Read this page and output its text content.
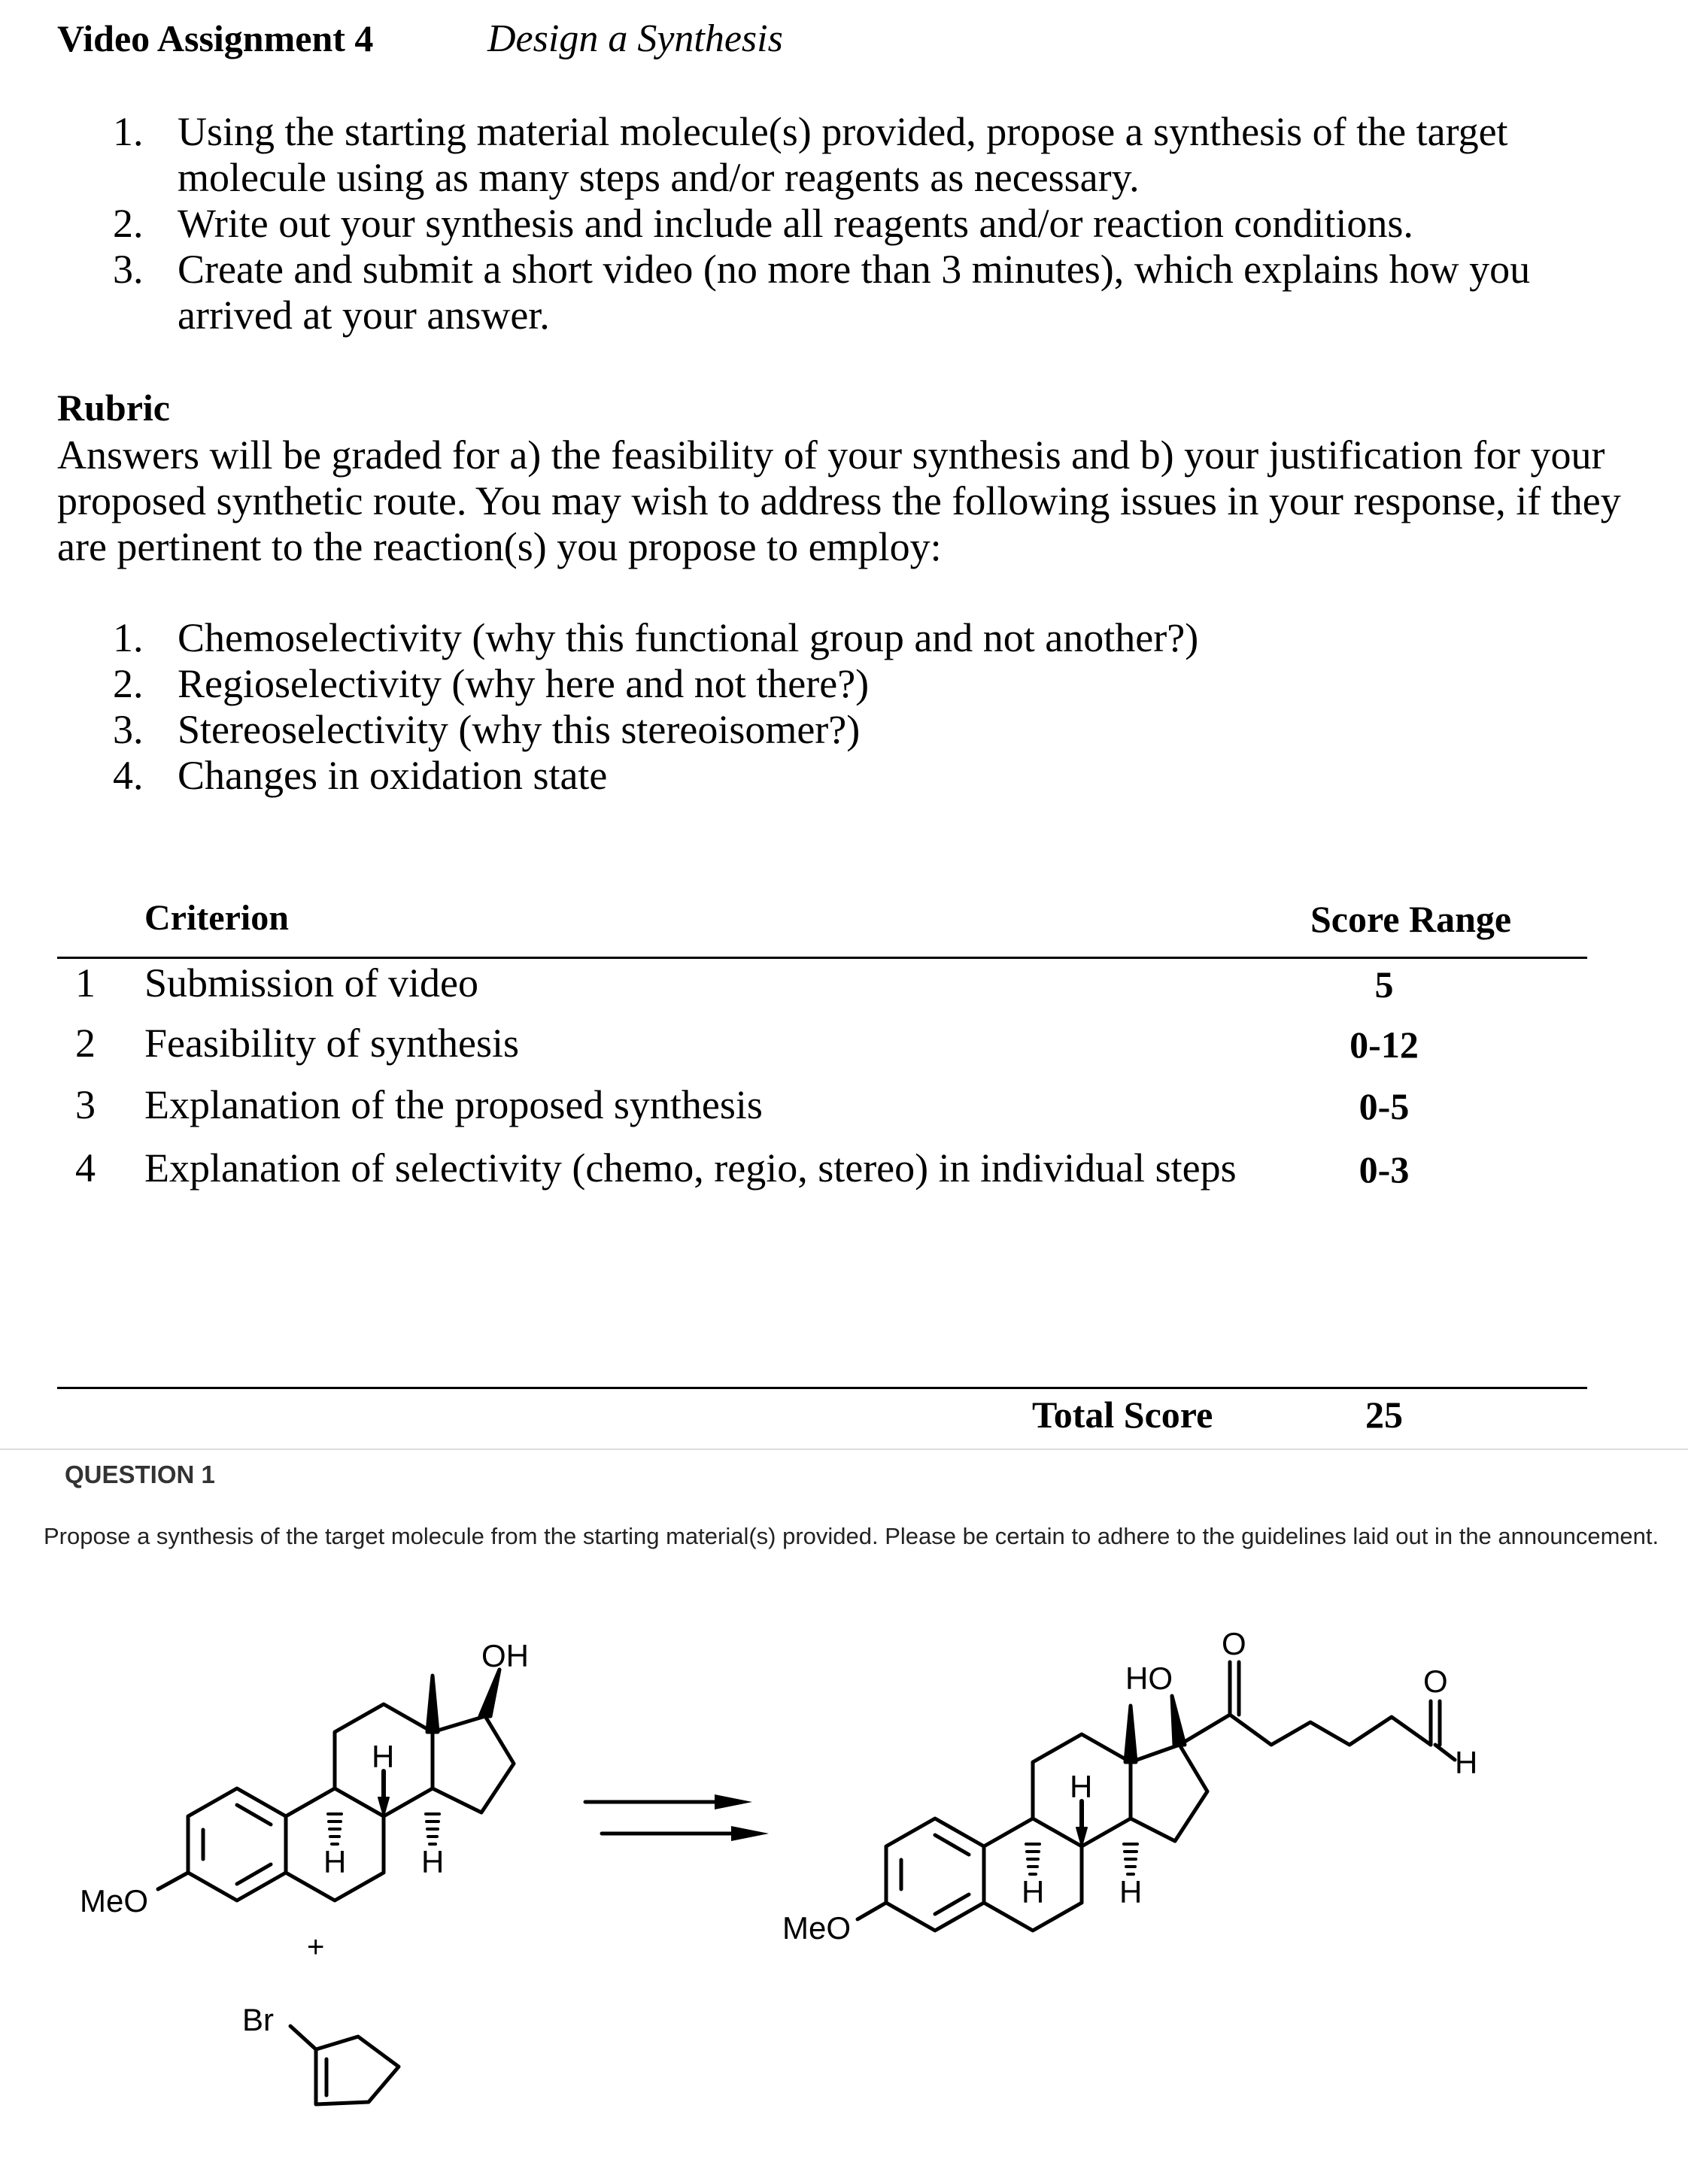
Video Assignment 4	Design a Synthesis
1. Using the starting material molecule(s) provided, propose a synthesis of the target molecule using as many steps and/or reagents as necessary.
2. Write out your synthesis and include all reagents and/or reaction conditions.
3. Create and submit a short video (no more than 3 minutes), which explains how you arrived at your answer.
Rubric
Answers will be graded for a) the feasibility of your synthesis and b) your justification for your proposed synthetic route. You may wish to address the following issues in your response, if they are pertinent to the reaction(s) you propose to employ:
1. Chemoselectivity (why this functional group and not another?)
2. Regioselectivity (why here and not there?)
3. Stereoselectivity (why this stereoisomer?)
4. Changes in oxidation state
Criterion	Score Range
1 Submission of video	5
2 Feasibility of synthesis	0-12
3 Explanation of the proposed synthesis	0-5
4 Explanation of selectivity (chemo, regio, stereo) in individual steps	0-3
Total Score	25
QUESTION 1
Propose a synthesis of the target molecule from the starting material(s) provided. Please be certain to adhere to the guidelines laid out in the announcement.
OH
MeO
H
H H
+
Br
HO
MeO
H
H H
O
O
H
